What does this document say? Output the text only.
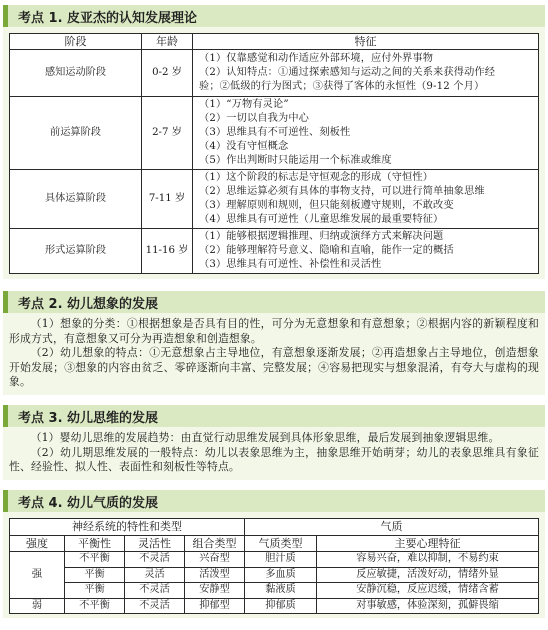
考点 1. 皮亚杰的认知发展理论
阶段	年龄	特征
感知运动阶段	0-2 岁	（1）仅靠感觉和动作适应外部环境，应付外界事物
（2）认知特点：①通过探索感知与运动之间的关系来获得动作经
验；②低级的行为图式；③获得了客体的永恒性（9-12 个月）

前运算阶段	2-7 岁	（1）“万物有灵论”
（2）一切以自我为中心
（3）思维具有不可逆性、刻板性
（4）没有守恒概念
（5）作出判断时只能运用一个标准或维度

具体运算阶段	7-11 岁	（1）这个阶段的标志是守恒观念的形成（守恒性）
（2）思维运算必须有具体的事物支持，可以进行简单抽象思维
（3）理解原则和规则，但只能刻板遵守规则，不敢改变
（4）思维具有可逆性（儿童思维发展的最重要特征）

形式运算阶段	11-16 岁	（1）能够根据逻辑推理、归纳或演绎方式来解决问题
（2）能够理解符号意义、隐喻和直喻，能作一定的概括
（3）思维具有可逆性、补偿性和灵活性
考点 2. 幼儿想象的发展

（1）想象的分类：①根据想象是否具有目的性，可分为无意想象和有意想象；②根据内容的新颖程度和形成方式，有意想象又可分为再造想象和创造想象。

（2）幼儿想象的特点：①无意想象占主导地位，有意想象逐渐发展；②再造想象占主导地位，创造想象开始发展；③想象的内容由贫乏、零碎逐渐向丰富、完整发展；④容易把现实与想象混淆，有夸大与虚构的现象。

考点 3. 幼儿思维的发展

（1）婴幼儿思维的发展趋势：由直觉行动思维发展到具体形象思维，最后发展到抽象逻辑思维。

（2）幼儿期思维发展的一般特点：幼儿以表象思维为主，抽象思维开始萌芽；幼儿的表象思维具有象征性、经验性、拟人性、表面性和刻板性等特点。

考点 4. 幼儿气质的发展
神经系统的特性和类型				气质	
强度	平衡性	灵活性	组合类型	气质类型	主要心理特征
强	不平衡	不灵活	兴奋型	胆汁质	容易兴奋，难以抑制，不易约束
	平衡	灵活	活泼型	多血质	反应敏捷，活泼好动，情绪外显
	平衡	不灵活	安静型	黏液质	安静沉稳，反应迟缓，情绪含蓄
弱	不平衡	不灵活	抑郁型	抑郁质	对事敏感，体验深刻，孤僻畏缩
